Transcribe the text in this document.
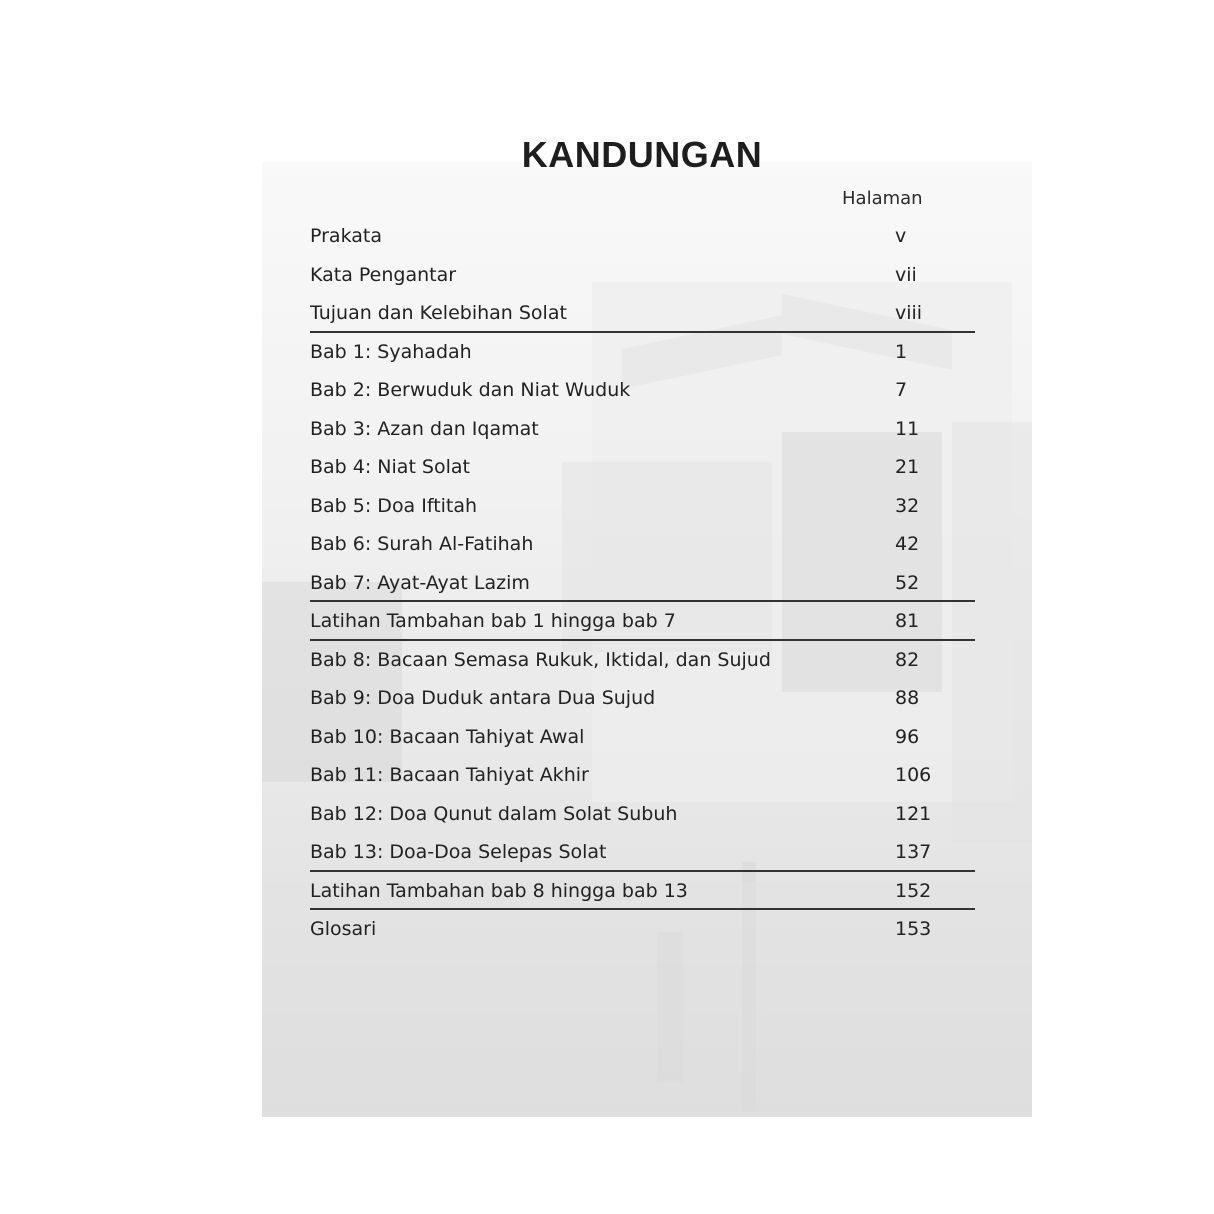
KANDUNGAN
Halaman
Prakata	v
Kata Pengantar	vii
Tujuan dan Kelebihan Solat	viii
Bab 1: Syahadah	1
Bab 2: Berwuduk dan Niat Wuduk	7
Bab 3: Azan dan Iqamat	11
Bab 4: Niat Solat	21
Bab 5: Doa Iftitah	32
Bab 6: Surah Al-Fatihah	42
Bab 7: Ayat-Ayat Lazim	52
Latihan Tambahan bab 1 hingga bab 7	81
Bab 8: Bacaan Semasa Rukuk, Iktidal, dan Sujud	82
Bab 9: Doa Duduk antara Dua Sujud	88
Bab 10: Bacaan Tahiyat Awal	96
Bab 11: Bacaan Tahiyat Akhir	106
Bab 12: Doa Qunut dalam Solat Subuh	121
Bab 13: Doa-Doa Selepas Solat	137
Latihan Tambahan bab 8 hingga bab 13	152
Glosari	153
